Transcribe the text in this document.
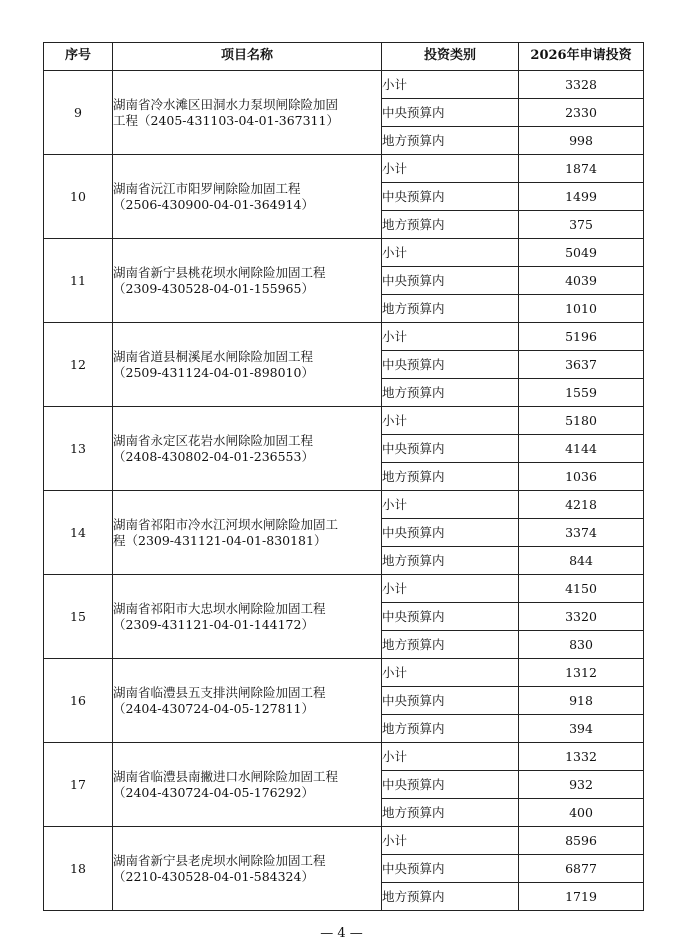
序号	项目名称	投资类别	2026年申请投资
9	湖南省冷水滩区田洞水力泵坝闸除险加固
工程（2405-431103-04-01-367311）	小计	3328
		中央预算内	2330
		地方预算内	998
10	湖南省沅江市阳罗闸除险加固工程
（2506-430900-04-01-364914）	小计	1874
		中央预算内	1499
		地方预算内	375
11	湖南省新宁县桃花坝水闸除险加固工程
（2309-430528-04-01-155965）	小计	5049
		中央预算内	4039
		地方预算内	1010
12	湖南省道县桐溪尾水闸除险加固工程
（2509-431124-04-01-898010）	小计	5196
		中央预算内	3637
		地方预算内	1559
13	湖南省永定区花岩水闸除险加固工程
（2408-430802-04-01-236553）	小计	5180
		中央预算内	4144
		地方预算内	1036
14	湖南省祁阳市冷水江河坝水闸除险加固工
程（2309-431121-04-01-830181）	小计	4218
		中央预算内	3374
		地方预算内	844
15	湖南省祁阳市大忠坝水闸除险加固工程
（2309-431121-04-01-144172）	小计	4150
		中央预算内	3320
		地方预算内	830
16	湖南省临澧县五支排洪闸除险加固工程
（2404-430724-04-05-127811）	小计	1312
		中央预算内	918
		地方预算内	394
17	湖南省临澧县南撇进口水闸除险加固工程
（2404-430724-04-05-176292）	小计	1332
		中央预算内	932
		地方预算内	400
18	湖南省新宁县老虎坝水闸除险加固工程
（2210-430528-04-01-584324）	小计	8596
		中央预算内	6877
		地方预算内	1719
— 4 —
